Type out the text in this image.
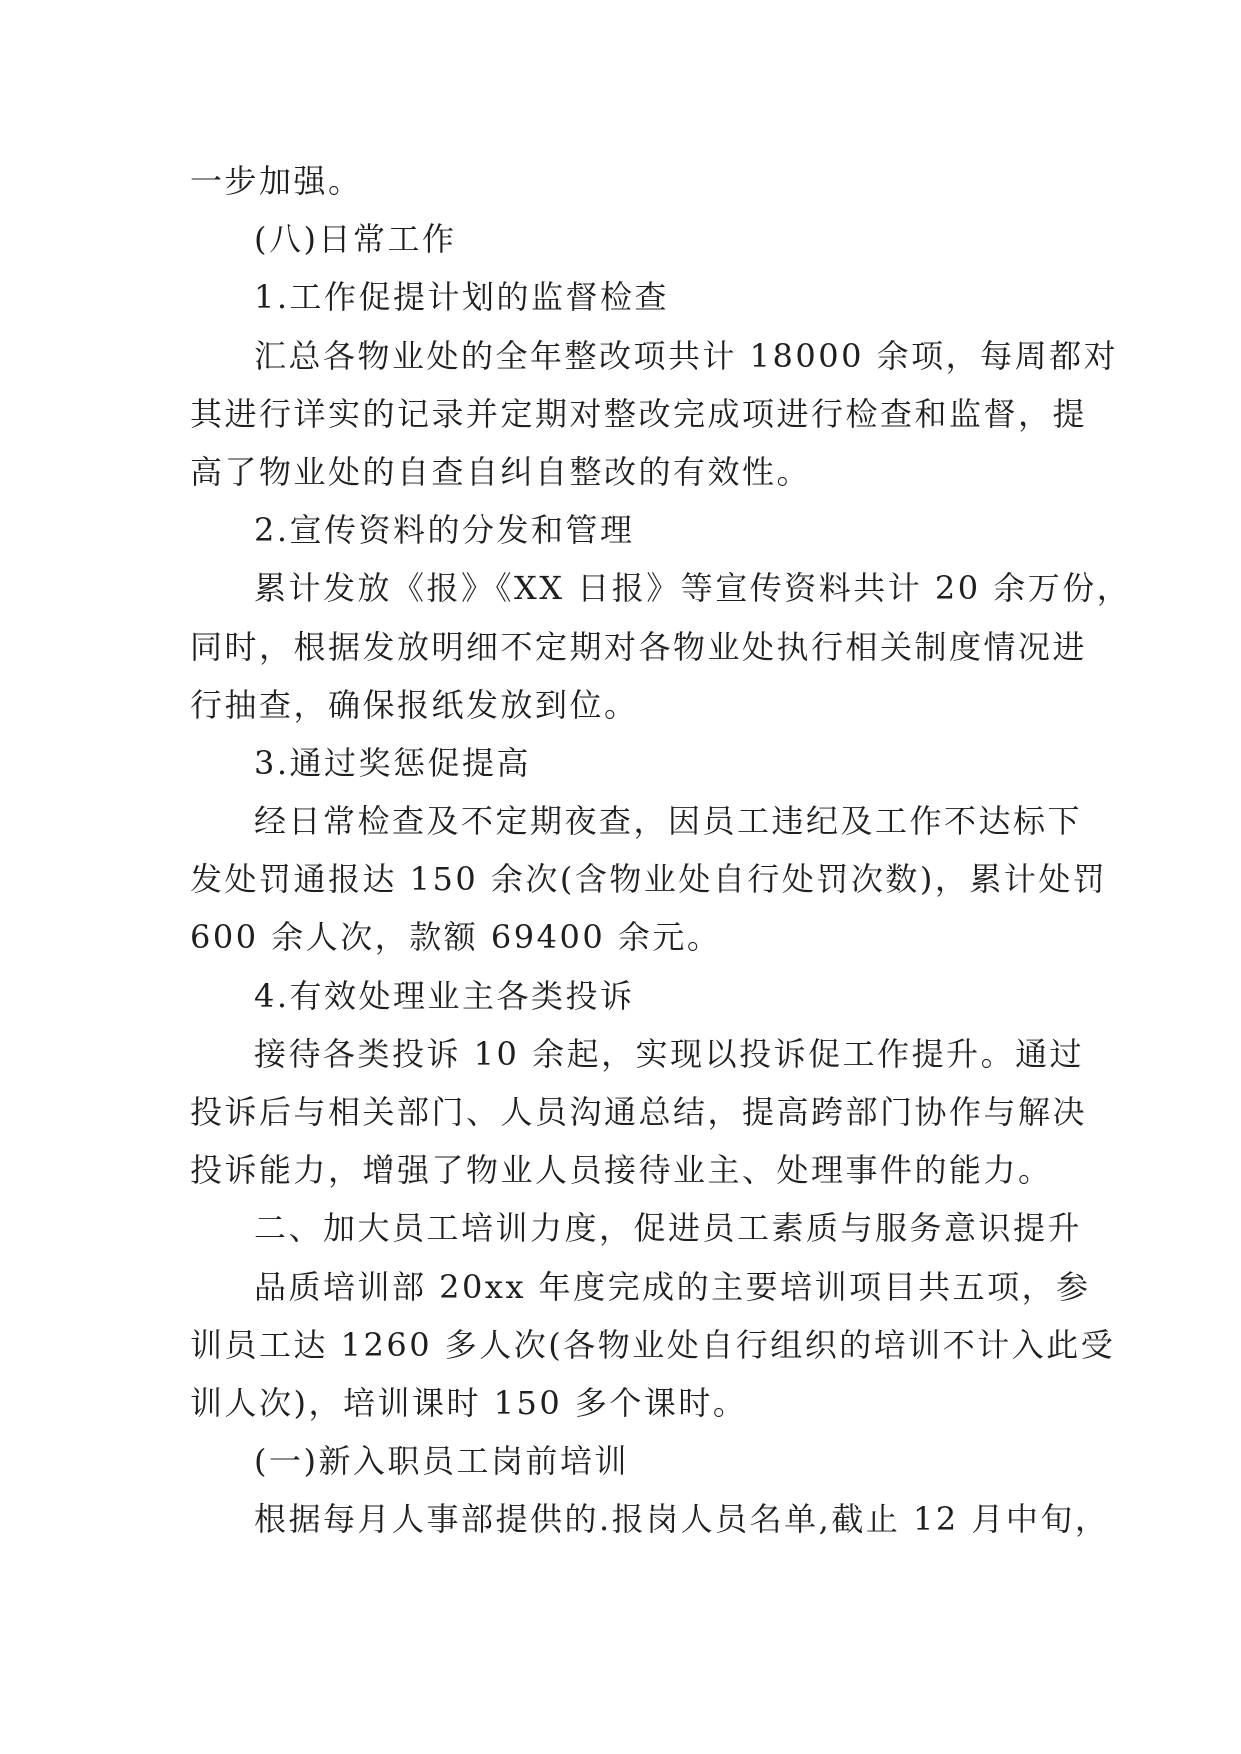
一步加强。
(八)日常工作
1.工作促提计划的监督检查
汇总各物业处的全年整改项共计 18000 余项，每周都对
其进行详实的记录并定期对整改完成项进行检查和监督，提
高了物业处的自查自纠自整改的有效性。
2.宣传资料的分发和管理
累计发放《报》《XX 日报》等宣传资料共计 20 余万份，
同时，根据发放明细不定期对各物业处执行相关制度情况进
行抽查，确保报纸发放到位。
3.通过奖惩促提高
经日常检查及不定期夜查，因员工违纪及工作不达标下
发处罚通报达 150 余次(含物业处自行处罚次数)，累计处罚
600 余人次，款额 69400 余元。
4.有效处理业主各类投诉
接待各类投诉 10 余起，实现以投诉促工作提升。通过
投诉后与相关部门、人员沟通总结，提高跨部门协作与解决
投诉能力，增强了物业人员接待业主、处理事件的能力。
二、加大员工培训力度，促进员工素质与服务意识提升
品质培训部 20xx 年度完成的主要培训项目共五项，参
训员工达 1260 多人次(各物业处自行组织的培训不计入此受
训人次)，培训课时 150 多个课时。
(一)新入职员工岗前培训
根据每月人事部提供的.报岗人员名单,截止 12 月中旬，
